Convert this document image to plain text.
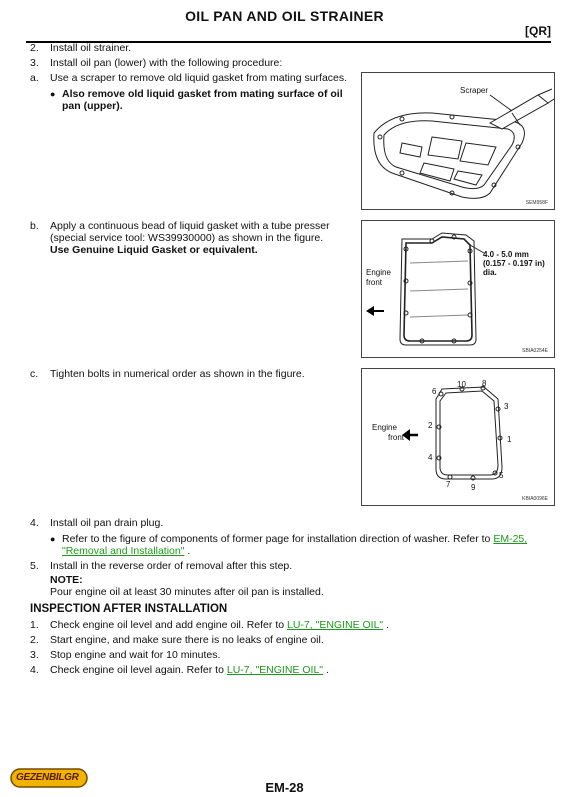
OIL PAN AND OIL STRAINER
[QR]
2. Install oil strainer.
3. Install oil pan (lower) with the following procedure:
a. Use a scraper to remove old liquid gasket from mating surfaces.
● Also remove old liquid gasket from mating surface of oil
pan (upper).
Scraper
SEM958F
b. Apply a continuous bead of liquid gasket with a tube presser
(special service tool: WS39930000) as shown in the figure.
Use Genuine Liquid Gasket or equivalent.	4.0 - 5.0 mm
(0.157 - 0.197 in)
dia.
Engine
front
SBIA0254E
c. Tighten bolts in numerical order as shown in the figure.
1
2
3
4
5
6
7
8
9
10
Engine
front
KBIA0096E
4. Install oil pan drain plug.
● Refer to the figure of components of former page for installation direction of washer. Refer to EM-25,
"Removal and Installation" .
5. Install in the reverse order of removal after this step.
NOTE:
Pour engine oil at least 30 minutes after oil pan is installed.
INSPECTION AFTER INSTALLATION
1. Check engine oil level and add engine oil. Refer to LU-7, "ENGINE OIL" .
2. Start engine, and make sure there is no leaks of engine oil.
3. Stop engine and wait for 10 minutes.
4. Check engine oil level again. Refer to LU-7, "ENGINE OIL" .
GEZENBILGR
EM-28
